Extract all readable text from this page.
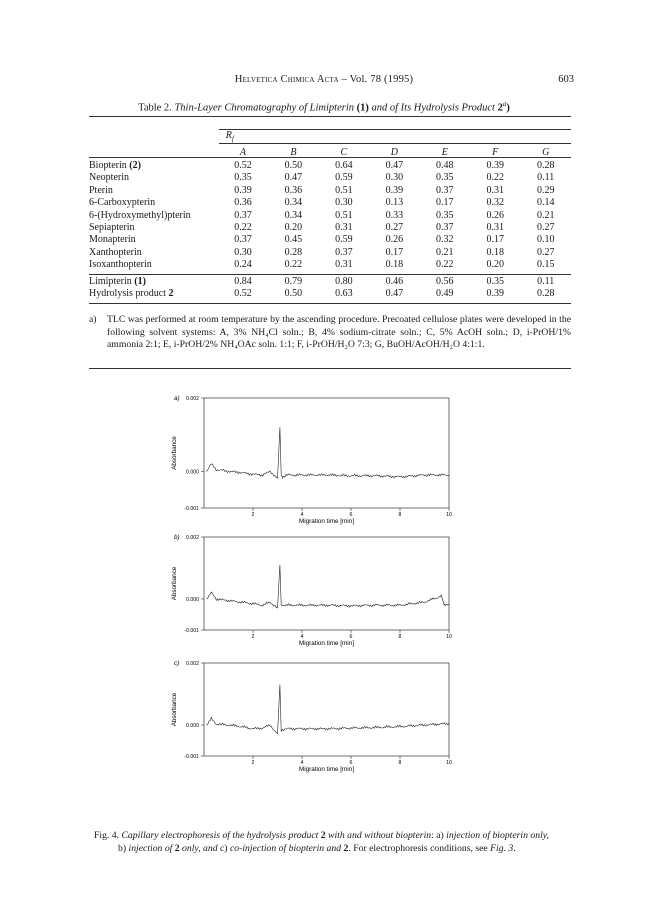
Helvetica Chimica Acta – Vol. 78 (1995)	603
Table 2. Thin-Layer Chromatography of Limipterin (1) and of Its Hydrolysis Product 2$^a$)
	$R_f$
	A	B	C	D	E	F	G
Biopterin (2)	0.52	0.50	0.64	0.47	0.48	0.39	0.28
Neopterin	0.35	0.47	0.59	0.30	0.35	0.22	0.11
Pterin	0.39	0.36	0.51	0.39	0.37	0.31	0.29
6-Carboxypterin	0.36	0.34	0.30	0.13	0.17	0.32	0.14
6-(Hydroxymethyl)pterin	0.37	0.34	0.51	0.33	0.35	0.26	0.21
Sepiapterin	0.22	0.20	0.31	0.27	0.37	0.31	0.27
Monapterin	0.37	0.45	0.59	0.26	0.32	0.17	0.10
Xanthopterin	0.30	0.28	0.37	0.17	0.21	0.18	0.27
Isoxanthopterin	0.24	0.22	0.31	0.18	0.22	0.20	0.15

Limipterin (1)	0.84	0.79	0.80	0.46	0.56	0.35	0.11
Hydrolysis product 2	0.52	0.50	0.63	0.47	0.49	0.39	0.28
a) TLC was performed at room temperature by the ascending procedure. Precoated cellulose plates were developed in the following solvent systems: A, 3% NH₄Cl soln.; B, 4% sodium-citrate soln.; C, 5% AcOH soln.; D, i-PrOH/1% ammonia 2:1; E, i-PrOH/2% NH₄OAc soln. 1:1; F, i-PrOH/H₂O 7:3; G, BuOH/AcOH/H₂O 4:1:1.
0.002
0.000
-0.001
2	4	6	8	10
Migration time [min]
Absorbance
a)
0.002
0.000
-0.001
2	4	6	8	10
Migration time [min]
Absorbance
b)
0.002
0.000
-0.001
2	4	6	8	10
Migration time [min]
Absorbance
c)
Fig. 4. Capillary electrophoresis of the hydrolysis product 2 with and without biopterin: a) injection of biopterin only,
b) injection of 2 only, and c) co-injection of biopterin and 2. For electrophoresis conditions, see Fig. 3.
